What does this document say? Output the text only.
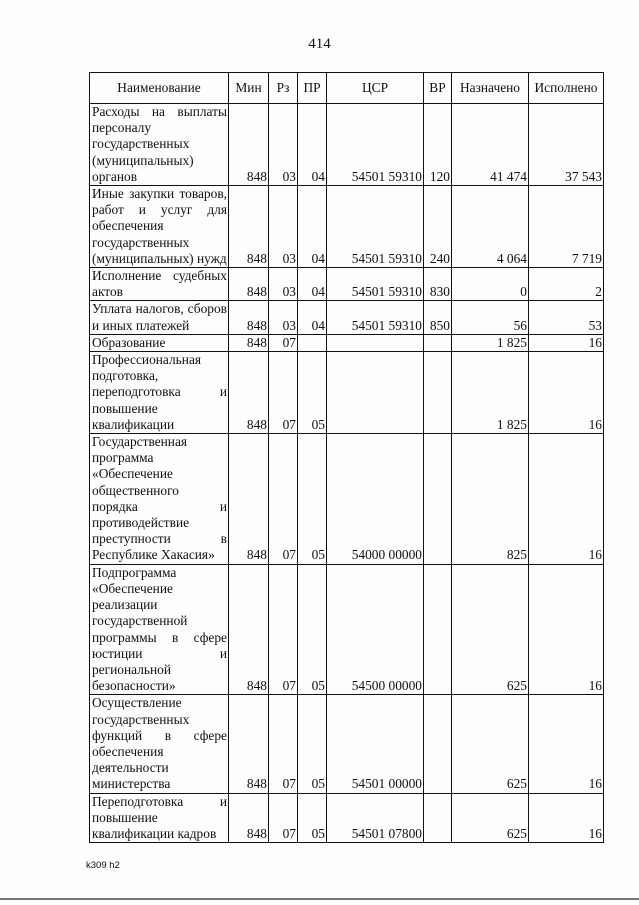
414
Наименование	Мин	Рз	ПР	ЦСР	ВР	Назначено	Исполнено
Расходы на выплаты персоналу государственных (муниципальных) органов	848	03	04	54501 59310	120	41 474	37 543
Иные закупки товаров, работ и услуг для обеспечения государственных (муниципальных) нужд	848	03	04	54501 59310	240	4 064	7 719
Исполнение судебных актов	848	03	04	54501 59310	830	0	2
Уплата налогов, сборов и иных платежей	848	03	04	54501 59310	850	56	53
Образование	848	07				1 825	16
Профессиональная подготовка, переподготовка и повышение квалификации	848	07	05			1 825	16
Государственная программа «Обеспечение общественного порядка и противодействие преступности в Республике Хакасия»	848	07	05	54000 00000		825	16
Подпрограмма «Обеспечение реализации государственной программы в сфере юстиции и региональной безопасности»	848	07	05	54500 00000		625	16
Осуществление государственных функций в сфере обеспечения деятельности министерства	848	07	05	54501 00000		625	16
Переподготовка и повышение квалификации кадров	848	07	05	54501 07800		625	16
k309 h2
